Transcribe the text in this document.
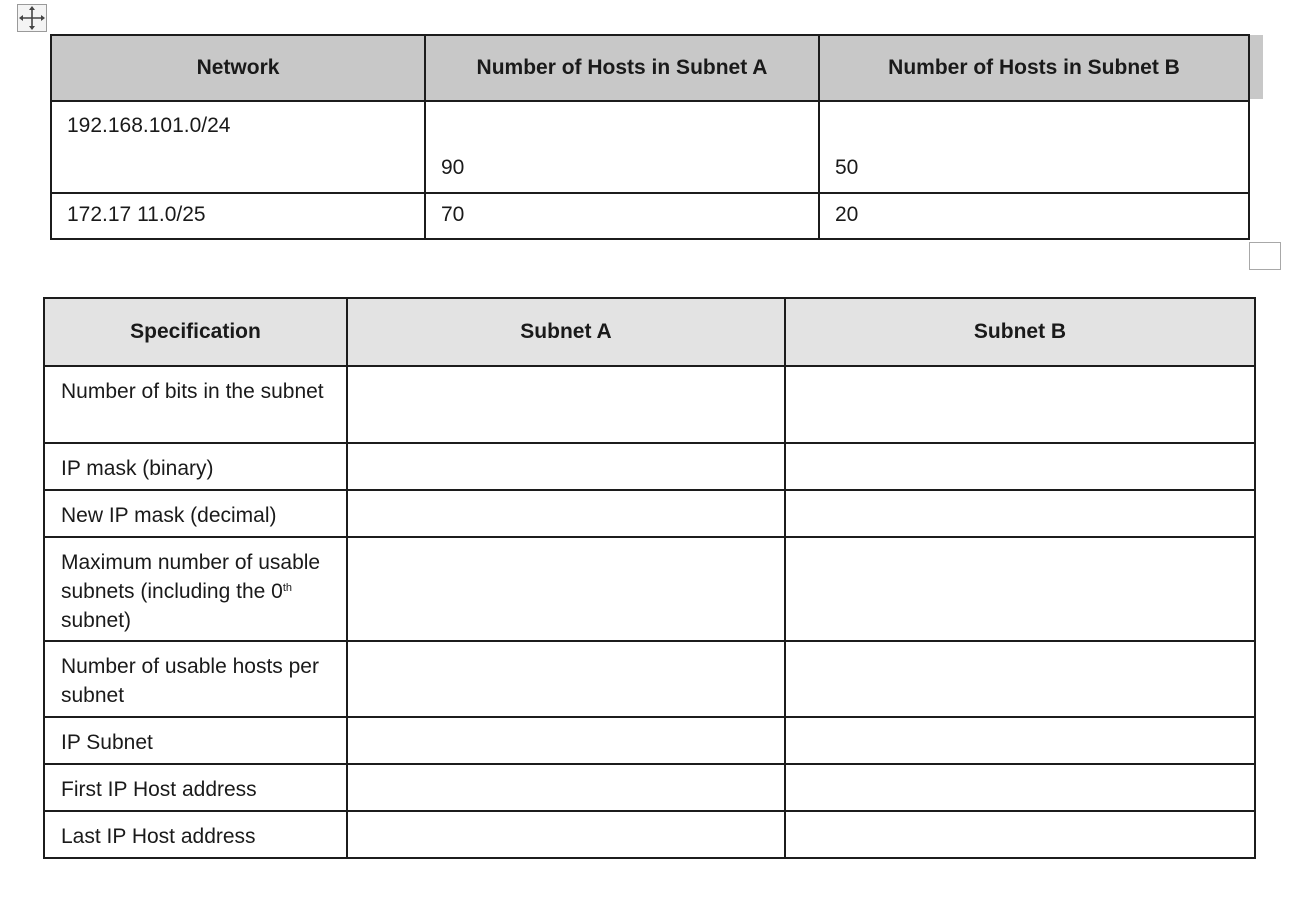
Network	Number of Hosts in Subnet A	Number of Hosts in Subnet B
192.168.101.0/24	90	50
172.17 11.0/25	70	20
Specification	Subnet A	Subnet B
Number of bits in the subnet		
IP mask (binary)		
New IP mask (decimal)		
Maximum number of usable subnets (including the 0th subnet)		
Number of usable hosts per subnet		
IP Subnet		
First IP Host address		
Last IP Host address		
